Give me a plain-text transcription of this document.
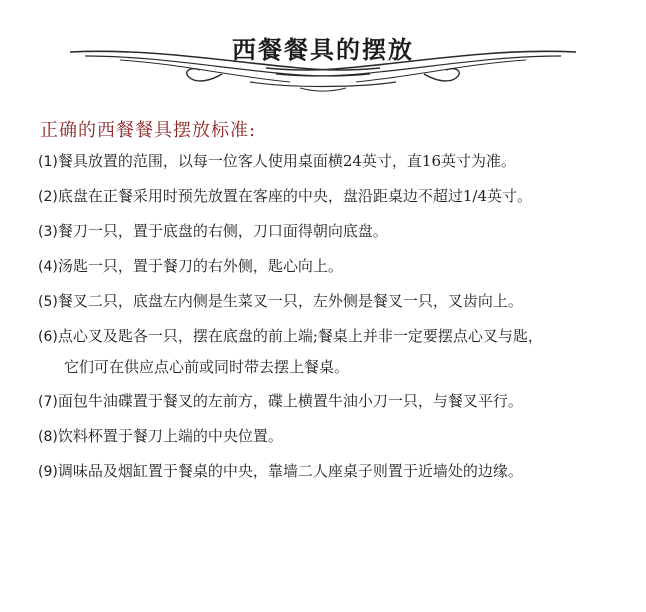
西餐餐具的摆放
正确的西餐餐具摆放标准:
(1)餐具放置的范围，以每一位客人使用桌面横24英寸，直16英寸为准。
(2)底盘在正餐采用时预先放置在客座的中央，盘沿距桌边不超过1/4英寸。
(3)餐刀一只，置于底盘的右侧，刀口面得朝向底盘。
(4)汤匙一只，置于餐刀的右外侧，匙心向上。
(5)餐叉二只，底盘左内侧是生菜叉一只，左外侧是餐叉一只，叉齿向上。
(6)点心叉及匙各一只，摆在底盘的前上端;餐桌上并非一定要摆点心叉与匙，
它们可在供应点心前或同时带去摆上餐桌。
(7)面包牛油碟置于餐叉的左前方，碟上横置牛油小刀一只，与餐叉平行。
(8)饮料杯置于餐刀上端的中央位置。
(9)调味品及烟缸置于餐桌的中央，靠墙二人座桌子则置于近墙处的边缘。
